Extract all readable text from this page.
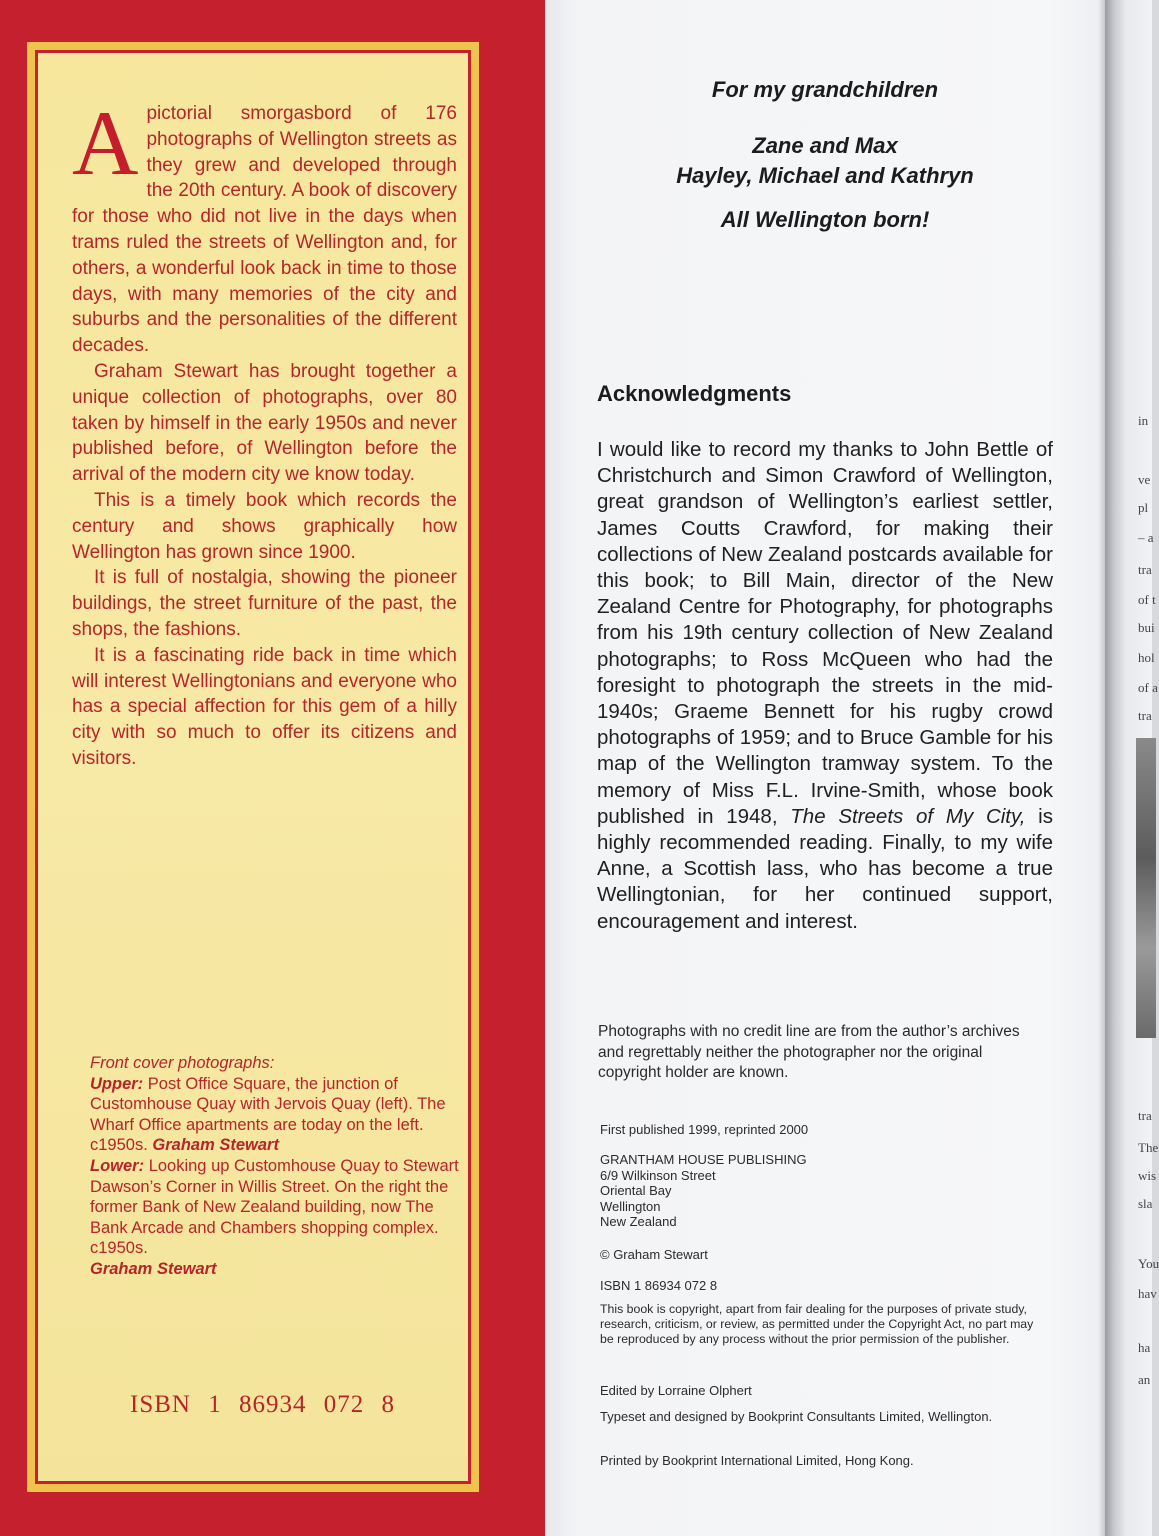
Apictorial smorgasbord of 176 photographs of Wellington streets as they grew and developed through the 20th century. A book of discovery for those who did not live in the days when trams ruled the streets of Wellington and, for others, a wonderful look back in time to those days, with many memories of the city and suburbs and the personalities of the different decades.

Graham Stewart has brought together a unique collection of photographs, over 80 taken by himself in the early 1950s and never published before, of Wellington before the arrival of the modern city we know today.

This is a timely book which records the century and shows graphically how Wellington has grown since 1900.

It is full of nostalgia, showing the pioneer buildings, the street furniture of the past, the shops, the fashions.

It is a fascinating ride back in time which will interest Wellingtonians and everyone who has a special affection for this gem of a hilly city with so much to offer its citizens and visitors.

Front cover photographs:
Upper: Post Office Square, the junction of Customhouse Quay with Jervois Quay (left). The Wharf Office apartments are today on the left. c1950s. Graham Stewart
Lower: Looking up Customhouse Quay to Stewart Dawson’s Corner in Willis Street. On the right the former Bank of New Zealand building, now The Bank Arcade and Chambers shopping complex. c1950s.
Graham Stewart
ISBN 1 86934 072 8
For my grandchildren
Zane and Max
Hayley, Michael and Kathryn
All Wellington born!
Acknowledgments
I would like to record my thanks to John Bettle of Christchurch and Simon Crawford of Wellington, great grandson of Wellington’s earliest settler, James Coutts Crawford, for making their collections of New Zealand postcards available for this book; to Bill Main, director of the New Zealand Centre for Photography, for photographs from his 19th century collection of New Zealand photographs; to Ross McQueen who had the foresight to photograph the streets in the mid-1940s; Graeme Bennett for his rugby crowd photographs of 1959; and to Bruce Gamble for his map of the Wellington tramway system. To the memory of Miss F.L. Irvine-Smith, whose book published in 1948, The Streets of My City, is highly recommended reading. Finally, to my wife Anne, a Scottish lass, who has become a true Wellingtonian, for her continued support, encouragement and interest.
Photographs with no credit line are from the author’s archives and regrettably neither the photographer nor the original copyright holder are known.
First published 1999, reprinted 2000
GRANTHAM HOUSE PUBLISHING
6/9 Wilkinson Street
Oriental Bay
Wellington
New Zealand
© Graham Stewart
ISBN 1 86934 072 8
This book is copyright, apart from fair dealing for the purposes of private study, research, criticism, or review, as permitted under the Copyright Act, no part may be reproduced by any process without the prior permission of the publisher.
Edited by Lorraine Olphert
Typeset and designed by Bookprint Consultants Limited, Wellington.
Printed by Bookprint International Limited, Hong Kong.
in
ve
pl
– a
tra
of t
bui
hol
of a
tra
tra
The
wis
sla
You
hav
ha
an
